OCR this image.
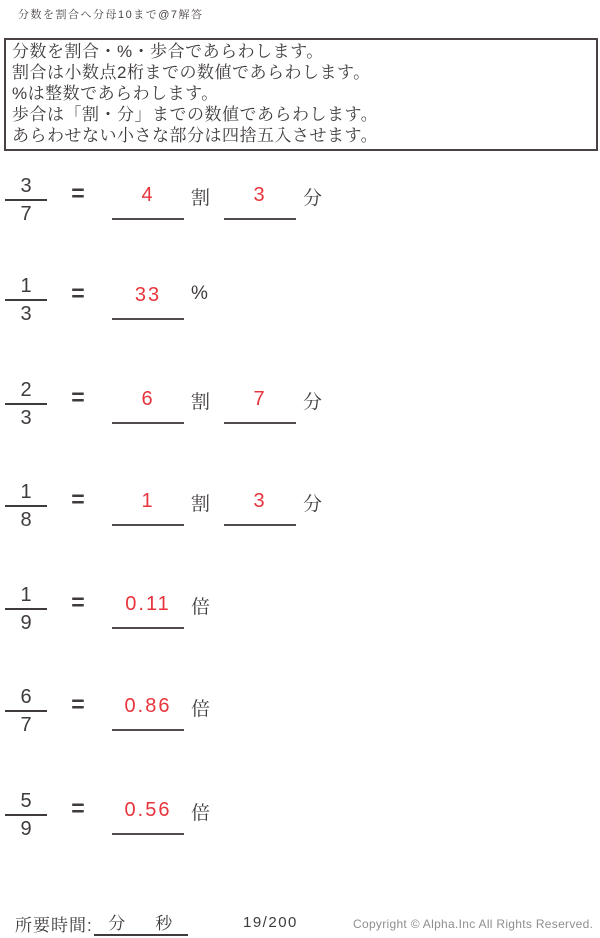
分数を割合へ分母10まで@7解答
分数を割合・%・歩合であらわします。
割合は小数点2桁までの数値であらわします。
%は整数であらわします。
歩合は「割・分」までの数値であらわします。
あらわせない小さな部分は四捨五入させます。
$\frac{3}{7}$	=	4 割 3 分
$\frac{1}{3}$	=	33 %
$\frac{2}{3}$	=	6 割 7 分
$\frac{1}{8}$	=	1 割 3 分
$\frac{1}{9}$	=	0.11 倍
$\frac{6}{7}$	=	0.86 倍
$\frac{5}{9}$	=	0.56 倍
所要時間: 分 秒	19/200	Copyright © Alpha.Inc All Rights Reserved.
